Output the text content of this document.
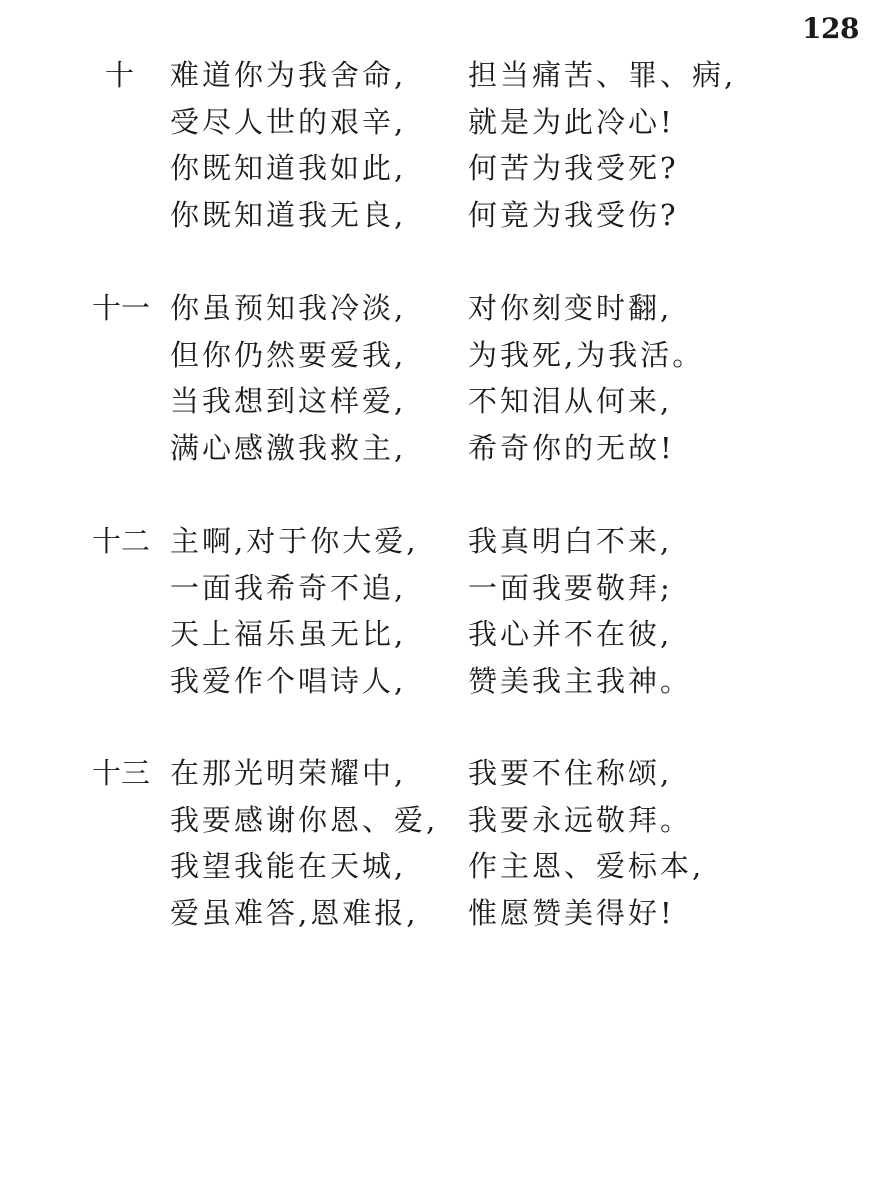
128
十 难道你为我舍命, 担当痛苦、罪、病,
受尽人世的艰辛, 就是为此冷心!
你既知道我如此, 何苦为我受死?
你既知道我无良, 何竟为我受伤?
十一 你虽预知我冷淡, 对你刻变时翻,
但你仍然要爱我, 为我死,为我活。
当我想到这样爱, 不知泪从何来,
满心感激我救主, 希奇你的无故!
十二 主啊,对于你大爱, 我真明白不来,
一面我希奇不追, 一面我要敬拜;
天上福乐虽无比, 我心并不在彼,
我爱作个唱诗人, 赞美我主我神。
十三 在那光明荣耀中, 我要不住称颂,
我要感谢你恩、爱, 我要永远敬拜。
我望我能在天城, 作主恩、爱标本,
爱虽难答,恩难报, 惟愿赞美得好!
